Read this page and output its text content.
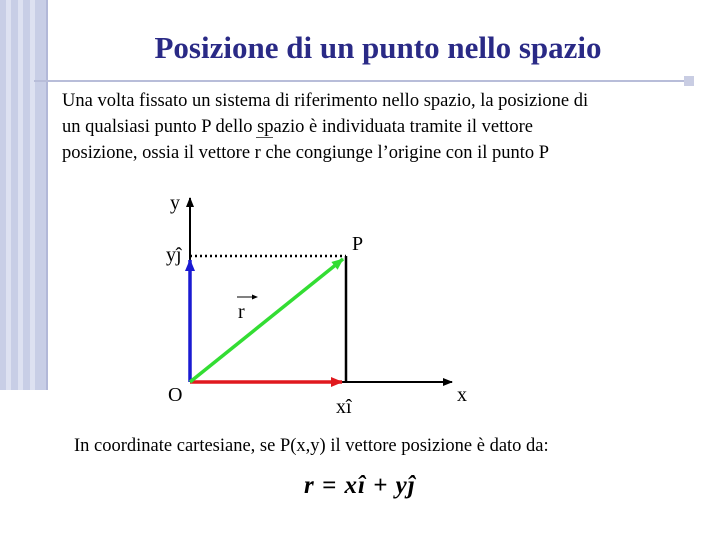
Posizione di un punto nello spazio
Una volta fissato un sistema di riferimento nello spazio, la posizione di
un qualsiasi punto P dello spazio è individuata tramite il vettore
posizione, ossia il vettore r che congiunge l’origine con il punto P
y
yĵ	P
r
O
xî
x
In coordinate cartesiane, se P(x,y) il vettore posizione è dato da:
r = xî + yĵ
